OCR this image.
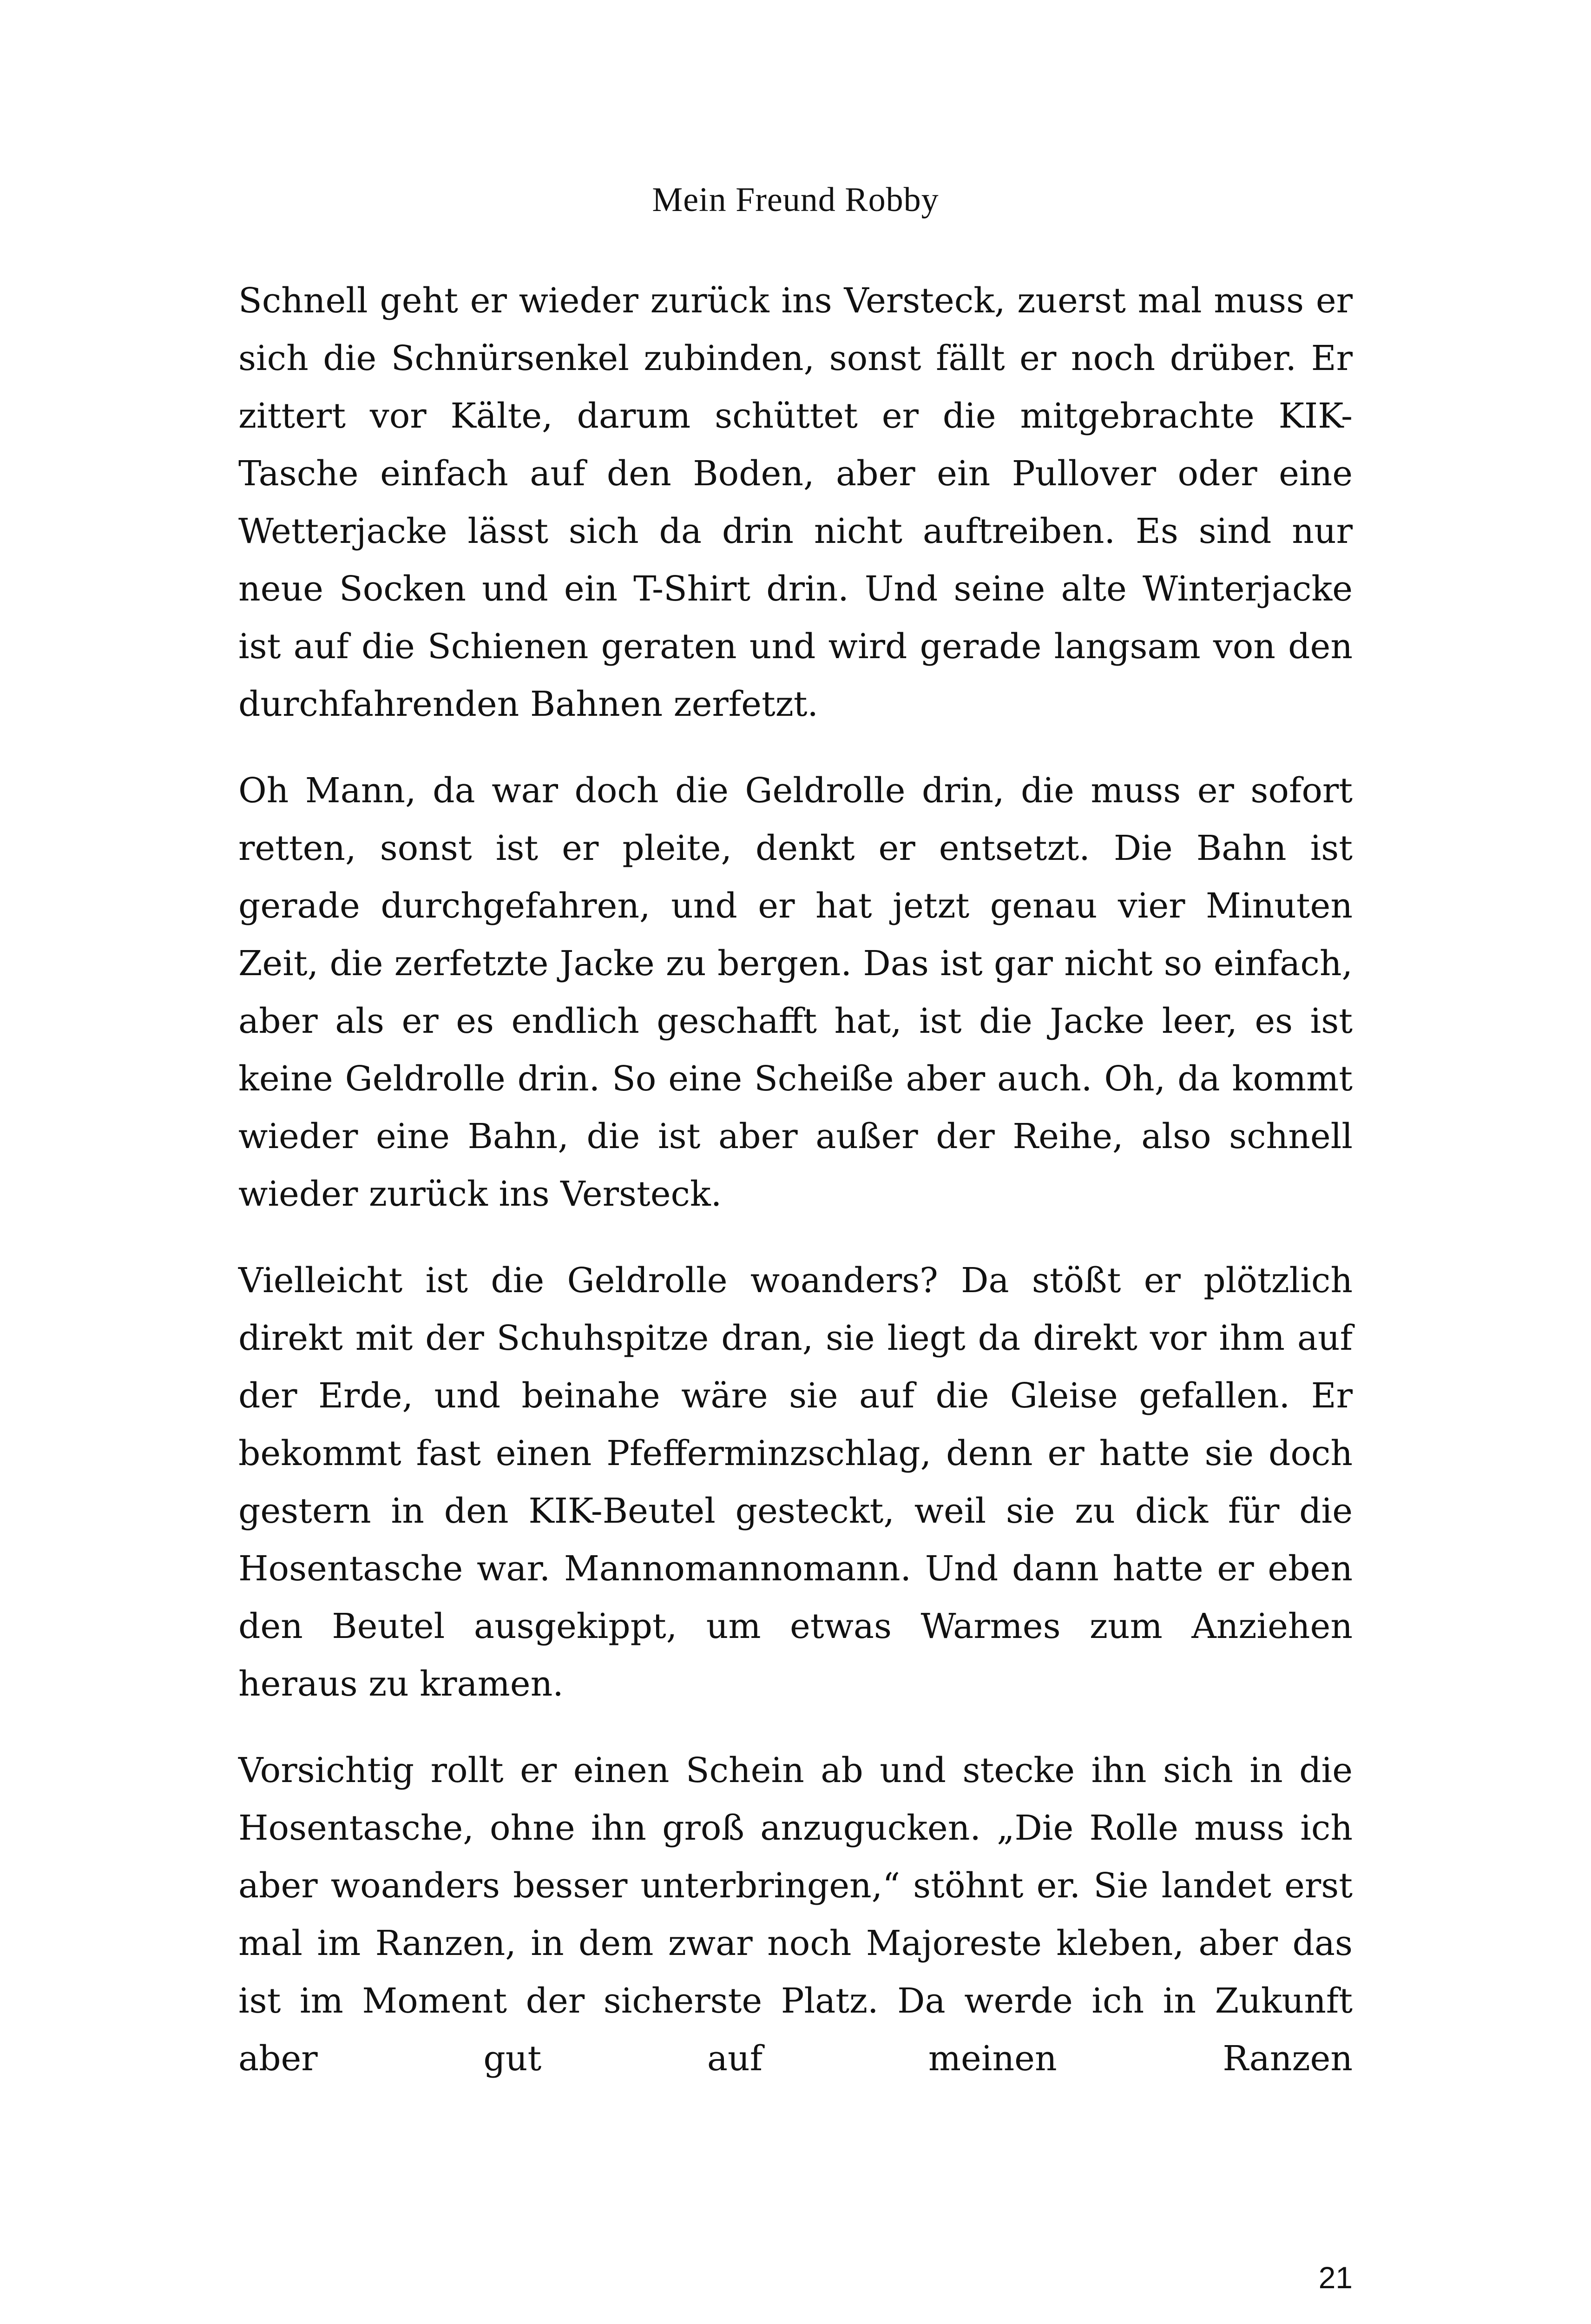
Mein Freund Robby

Schnell geht er wieder zurück ins Versteck, zuerst mal muss er sich die Schnürsenkel zubinden, sonst fällt er noch drüber. Er zittert vor Kälte, darum schüttet er die mitgebrachte KIK-Tasche einfach auf den Boden, aber ein Pullover oder eine Wetterjacke lässt sich da drin nicht auftreiben. Es sind nur neue Socken und ein T-Shirt drin. Und seine alte Winterjacke ist auf die Schienen geraten und wird gerade langsam von den durchfahrenden Bahnen zerfetzt.

Oh Mann, da war doch die Geldrolle drin, die muss er sofort retten, sonst ist er pleite, denkt er entsetzt. Die Bahn ist gerade durchgefahren, und er hat jetzt genau vier Minuten Zeit, die zerfetzte Jacke zu bergen. Das ist gar nicht so einfach, aber als er es endlich geschafft hat, ist die Jacke leer, es ist keine Geldrolle drin. So eine Scheiße aber auch. Oh, da kommt wieder eine Bahn, die ist aber außer der Reihe, also schnell wieder zurück ins Versteck.

Vielleicht ist die Geldrolle woanders? Da stößt er plötzlich direkt mit der Schuhspitze dran, sie liegt da direkt vor ihm auf der Erde, und beinahe wäre sie auf die Gleise gefallen. Er bekommt fast einen Pfefferminzschlag, denn er hatte sie doch gestern in den KIK-Beutel gesteckt, weil sie zu dick für die Hosentasche war. Mannomannomann. Und dann hatte er eben den Beutel ausgekippt, um etwas Warmes zum Anziehen heraus zu kramen.

Vorsichtig rollt er einen Schein ab und stecke ihn sich in die Hosentasche, ohne ihn groß anzugucken. „Die Rolle muss ich aber woanders besser unterbringen,“ stöhnt er. Sie landet erst mal im Ranzen, in dem zwar noch Majoreste kleben, aber das ist im Moment der sicherste Platz. Da werde ich in Zukunft aber gut auf meinen Ranzen

21
